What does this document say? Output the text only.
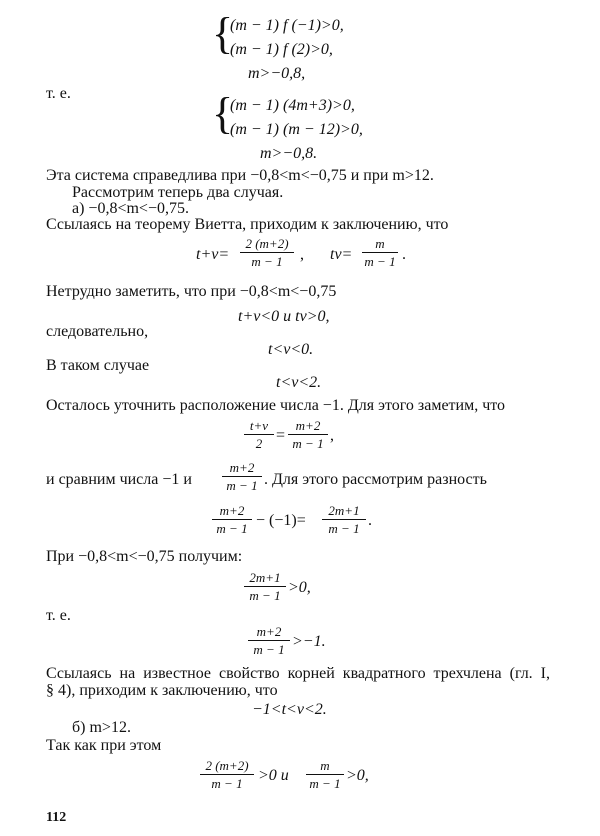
{
(m − 1) f (−1)>0,
(m − 1) f (2)>0,
m>−0,8,
т. е.	{
(m − 1) (4m+3)>0,
(m − 1) (m − 12)>0,
m>−0,8.
Эта система справедлива при −0,8<m<−0,75 и при m>12.
Рассмотрим теперь два случая.
а) −0,8<m<−0,75.
Ссылаясь на теорему Виетта, приходим к заключению, что
t+v=
2 (m+2)
m − 1	, tv=
m
m − 1 .
Нетрудно заметить, что при −0,8<m<−0,75
t+v<0 и tv>0,
следовательно,
t<v<0.
В таком случае
t<v<2.
Осталось уточнить расположение числа −1. Для этого заметим, что
t+v
2 =
m+2
m − 1 ,
и сравним числа −1 и
m+2
m − 1 . Для этого рассмотрим разность
m+2
m − 1 − (−1)=
2m+1
m − 1 .
При −0,8<m<−0,75 получим:
2m+1
m − 1 >0,
т. е.
m+2
m − 1 >−1.
Ссылаясь на известное свойство корней квадратного трехчлена (гл. I,
§ 4), приходим к заключению, что
−1<t<v<2.
б) m>12.
Так как при этом
2 (m+2)
m − 1 >0 и
m
m − 1 >0,
112
